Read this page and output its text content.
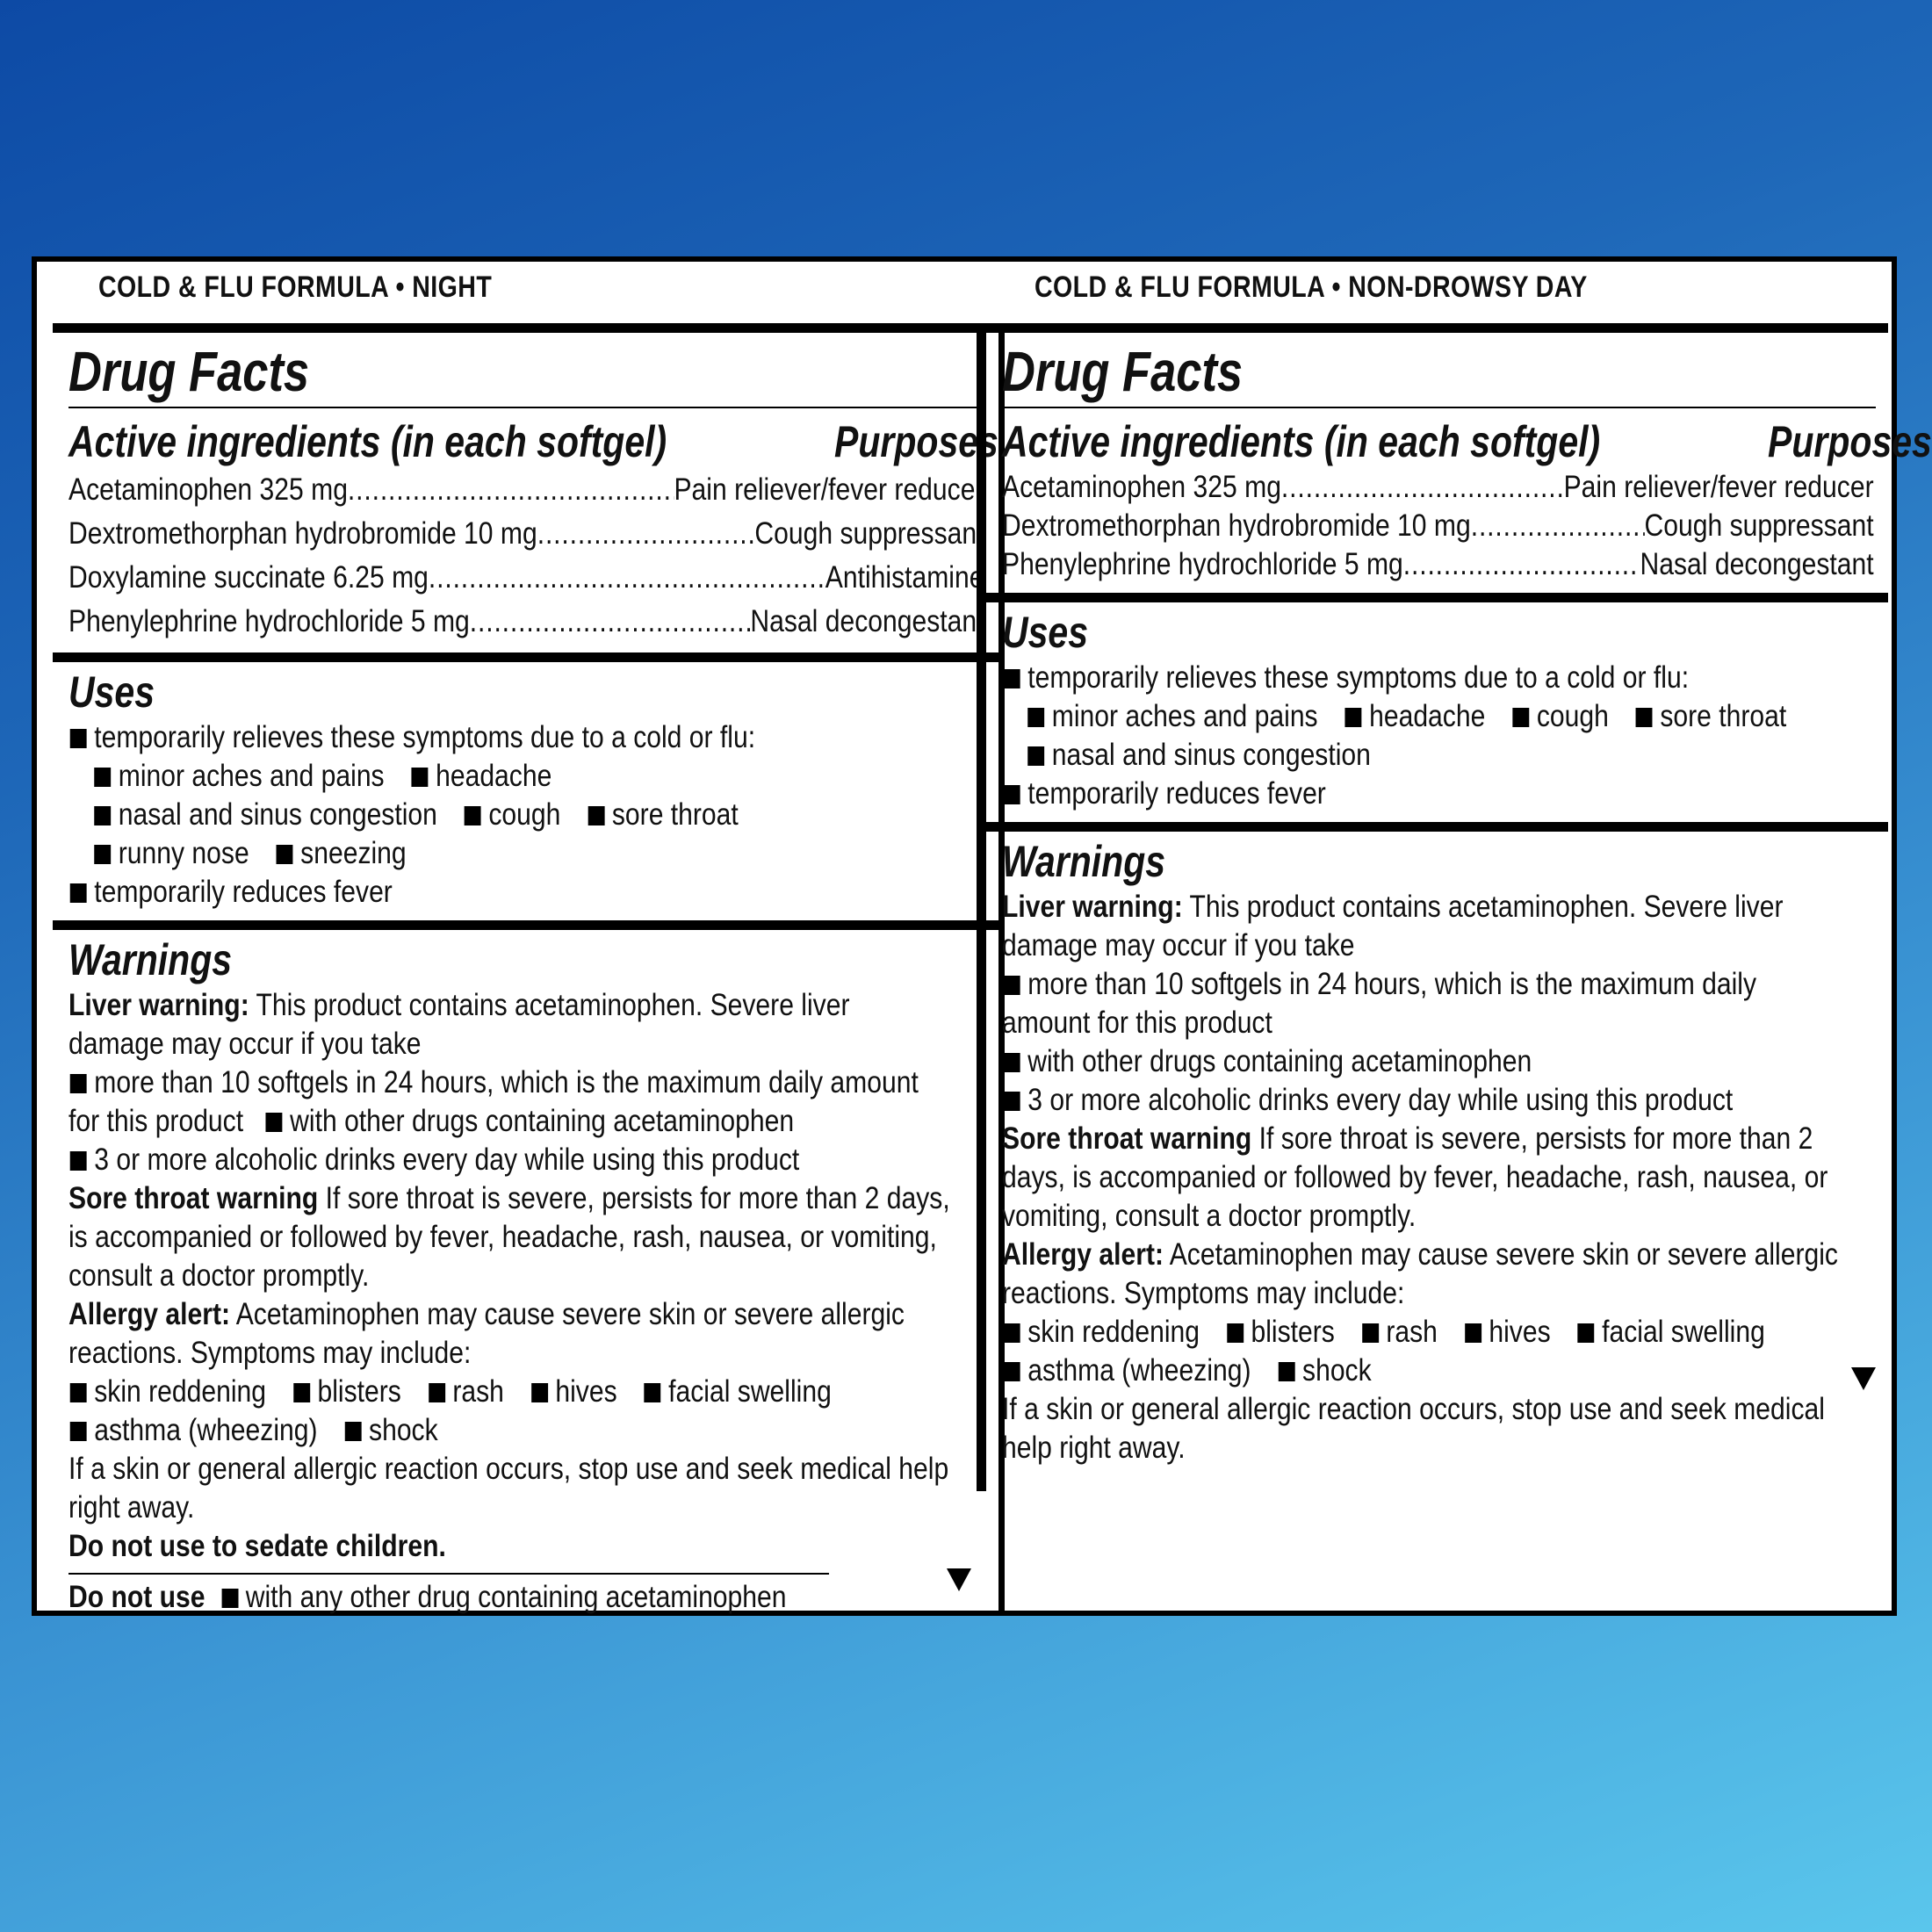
COLD & FLU FORMULA • NIGHT
Drug Facts
Active ingredients (in each softgel)	Purposes
Acetaminophen 325 mg .....	Pain reliever/fever reducer
Dextromethorphan hydrobromide 10 mg .....	Cough suppressant
Doxylamine succinate 6.25 mg .....	Antihistamine
Phenylephrine hydrochloride 5 mg .....	Nasal decongestant
Uses
temporarily relieves these symptoms due to a cold or flu:
minor aches and pains headache
nasal and sinus congestion cough sore throat
runny nose sneezing
temporarily reduces fever
Warnings
Liver warning: This product contains acetaminophen. Severe liver damage may occur if you take
more than 10 softgels in 24 hours, which is the maximum daily amount for this product with other drugs containing acetaminophen
3 or more alcoholic drinks every day while using this product
Sore throat warning If sore throat is severe, persists for more than 2 days, is accompanied or followed by fever, headache, rash, nausea, or vomiting, consult a doctor promptly.
Allergy alert: Acetaminophen may cause severe skin or severe allergic reactions. Symptoms may include:
skin reddening blisters rash hives facial swelling
asthma (wheezing) shock
If a skin or general allergic reaction occurs, stop use and seek medical help right away.
Do not use to sedate children.
Do not use with any other drug containing acetaminophen
COLD & FLU FORMULA • NON-DROWSY DAY
Drug Facts
Active ingredients (in each softgel)	Purposes
Acetaminophen 325 mg .....	Pain reliever/fever reducer
Dextromethorphan hydrobromide 10 mg .....	Cough suppressant
Phenylephrine hydrochloride 5 mg .....	Nasal decongestant
Uses
temporarily relieves these symptoms due to a cold or flu:
minor aches and pains headache cough sore throat
nasal and sinus congestion
temporarily reduces fever
Warnings
Liver warning: This product contains acetaminophen. Severe liver damage may occur if you take
more than 10 softgels in 24 hours, which is the maximum daily amount for this product
with other drugs containing acetaminophen
3 or more alcoholic drinks every day while using this product
Sore throat warning If sore throat is severe, persists for more than 2 days, is accompanied or followed by fever, headache, rash, nausea, or vomiting, consult a doctor promptly.
Allergy alert: Acetaminophen may cause severe skin or severe allergic reactions. Symptoms may include:
skin reddening blisters rash hives facial swelling
asthma (wheezing) shock
If a skin or general allergic reaction occurs, stop use and seek medical help right away.
